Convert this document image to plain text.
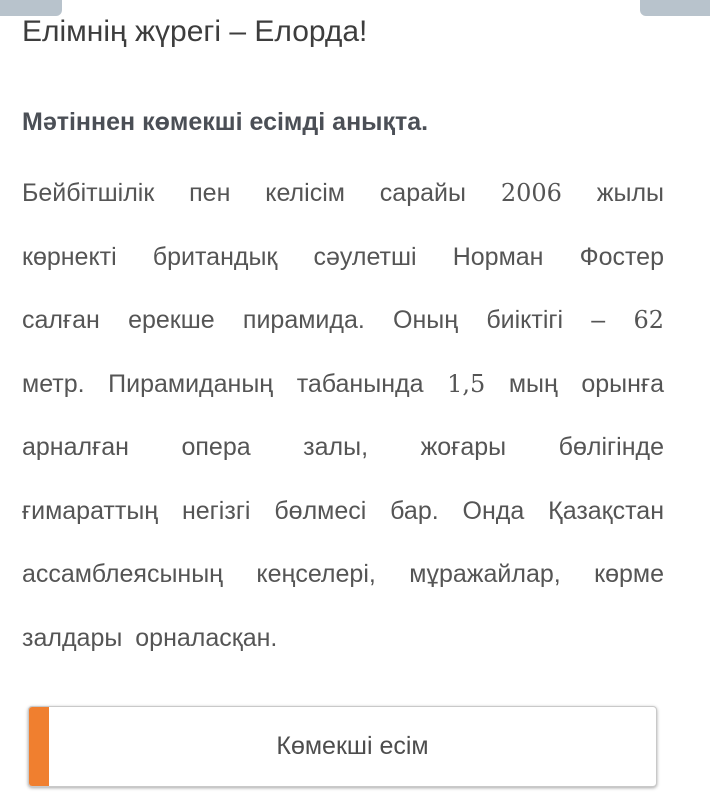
Елімнің жүрегі – Елорда!
Мәтіннен көмекші есімді анықта.
Бейбітшілік пен келісім сарайы 2006 жылы
көрнекті британдық сәулетші Норман Фостер
салған ерекше пирамида. Оның биіктігі – 62
метр. Пирамиданың табанында 1,5 мың орынға
арналған опера залы, жоғары бөлігінде
ғимараттың негізгі бөлмесі бар. Онда Қазақстан
ассамблеясының кеңселері, мұражайлар, көрме
залдары орналасқан.
Көмекші есім
